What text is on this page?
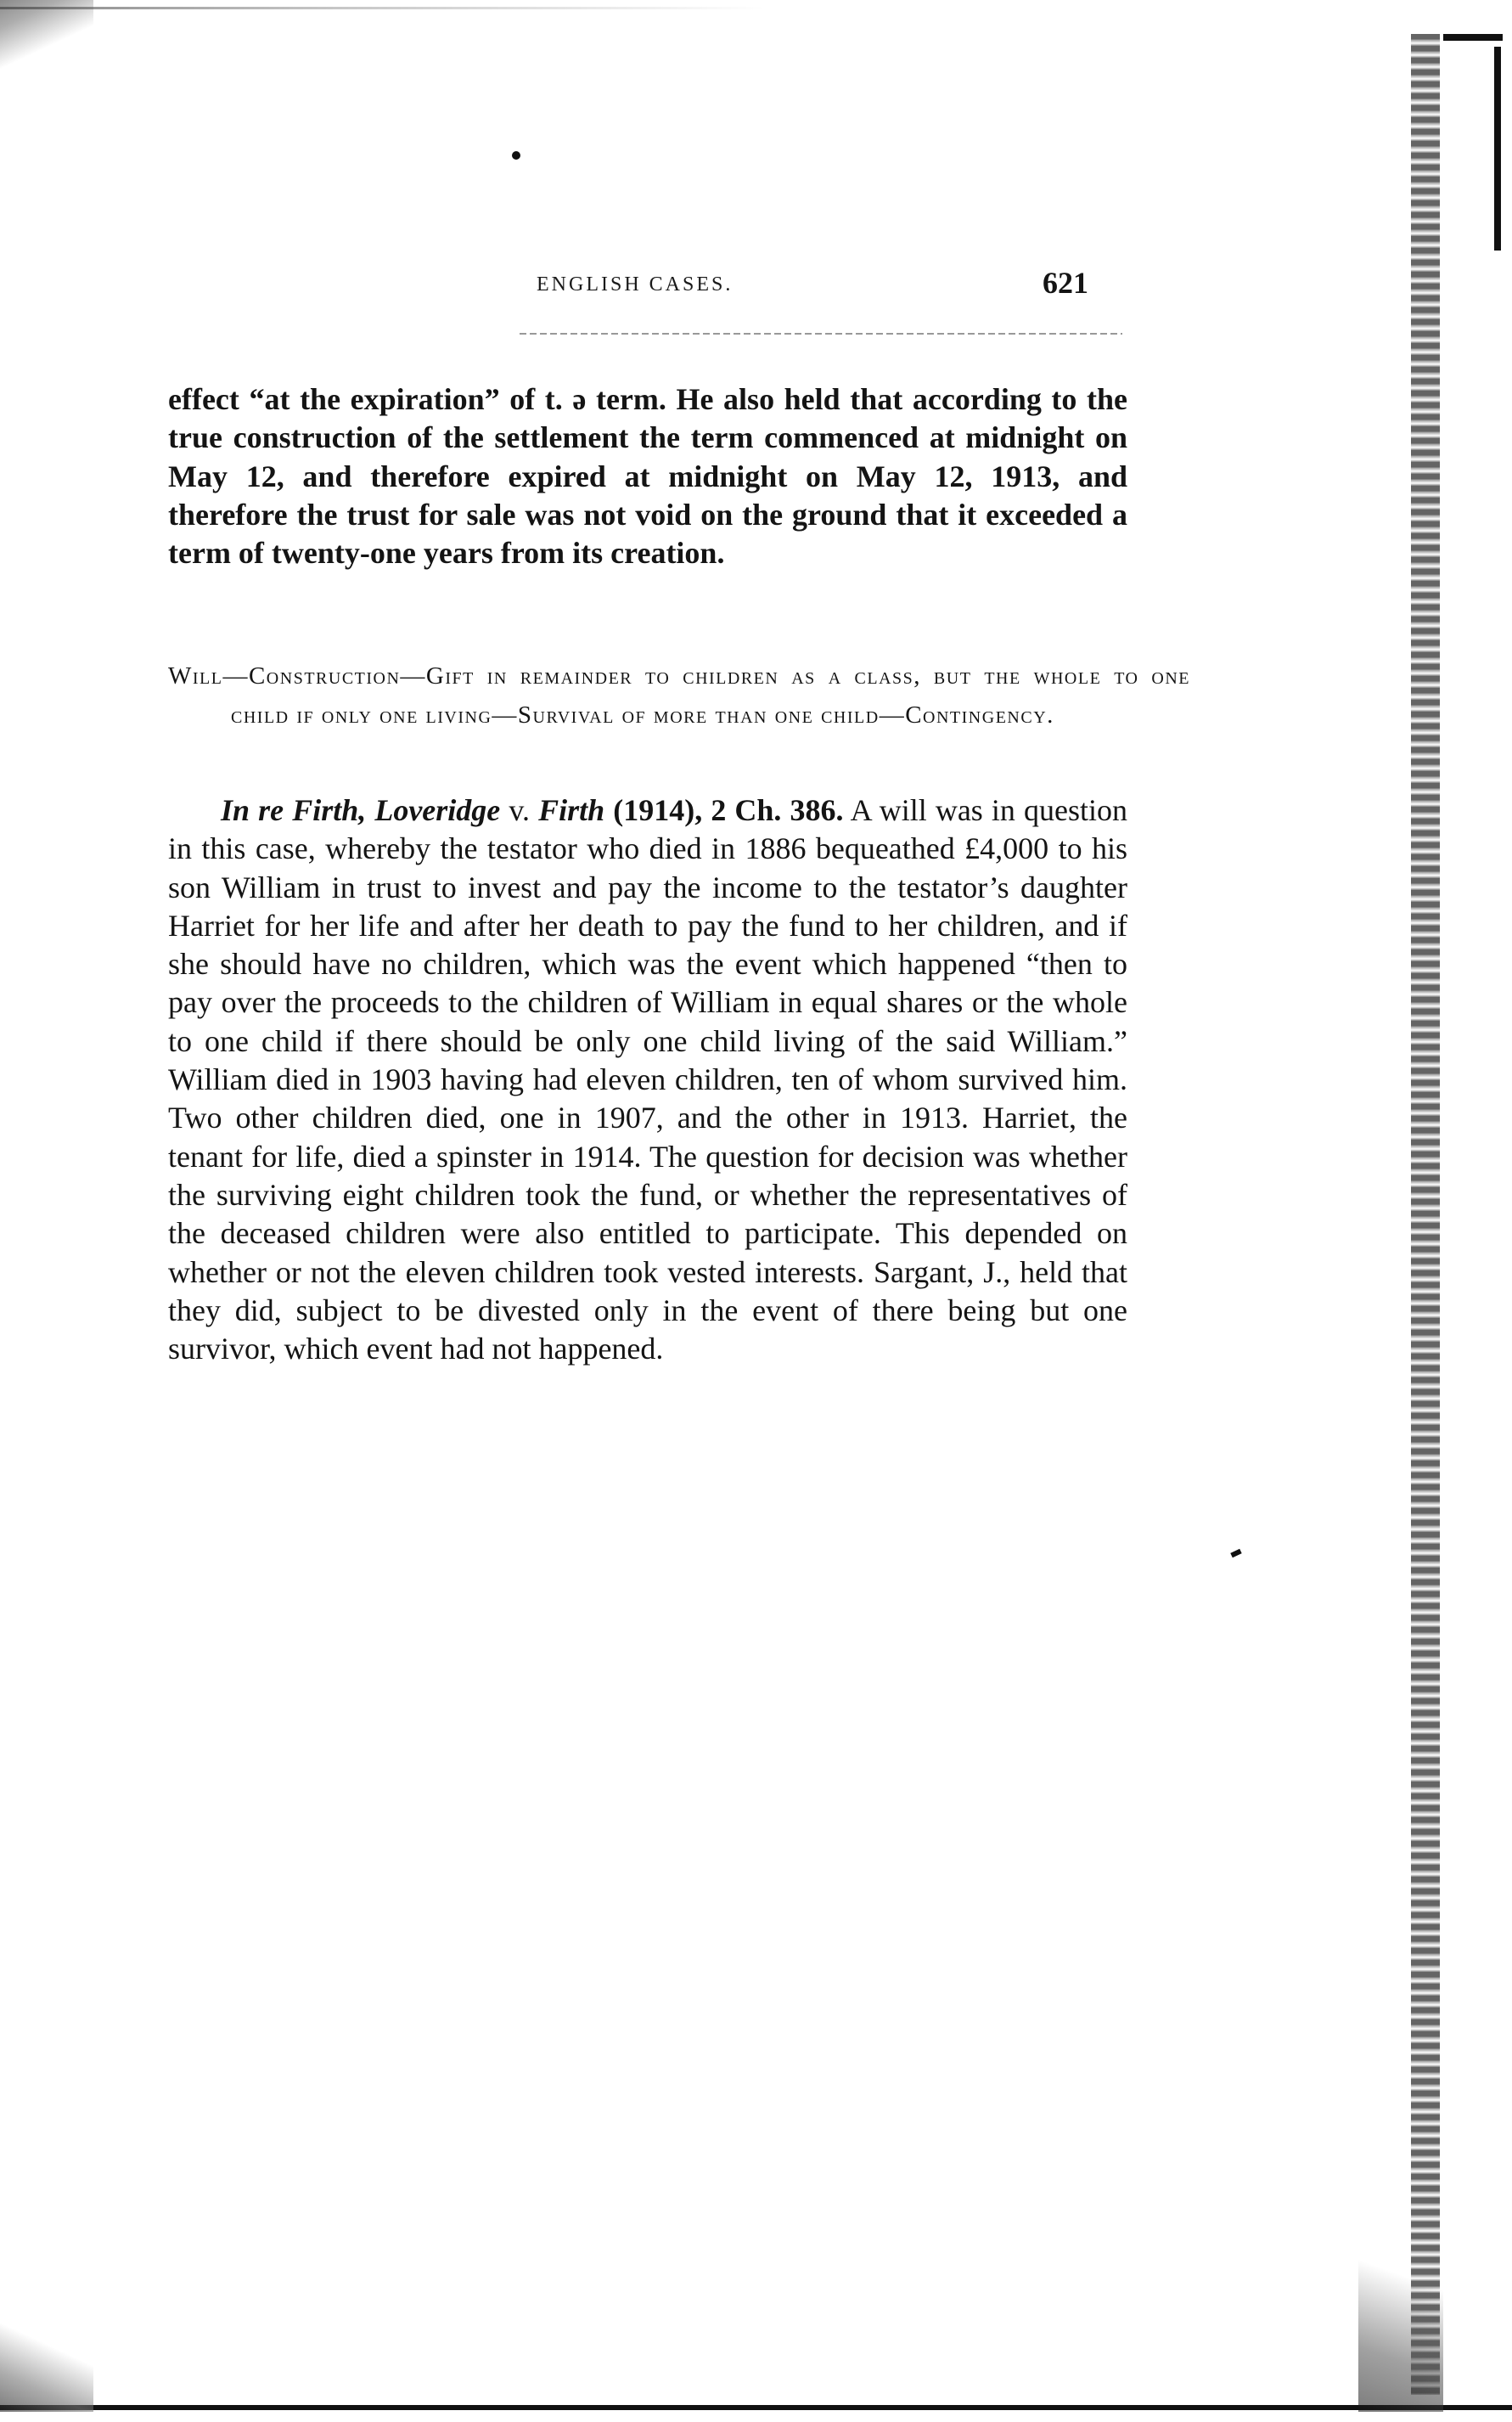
ENGLISH CASES.	621
effect “at the expiration” of t. ə term. He also held that according to the true construction of the settlement the term commenced at midnight on May 12, and therefore expired at midnight on May 12, 1913, and therefore the trust for sale was not void on the ground that it exceeded a term of twenty-one years from its creation.
Will—Construction—Gift in remainder to children as a class, but the whole to one child if only one living—Survival of more than one child—Contingency.
In re Firth, Loveridge v. Firth (1914), 2 Ch. 386. A will was in question in this case, whereby the testator who died in 1886 bequeathed £4,000 to his son William in trust to invest and pay the income to the testator’s daughter Harriet for her life and after her death to pay the fund to her children, and if she should have no children, which was the event which happened “then to pay over the proceeds to the children of William in equal shares or the whole to one child if there should be only one child living of the said William.” William died in 1903 having had eleven children, ten of whom survived him. Two other children died, one in 1907, and the other in 1913. Harriet, the tenant for life, died a spinster in 1914. The question for decision was whether the surviving eight children took the fund, or whether the representatives of the deceased children were also entitled to participate. This depended on whether or not the eleven children took vested interests. Sargant, J., held that they did, subject to be divested only in the event of there being but one survivor, which event had not happened.
